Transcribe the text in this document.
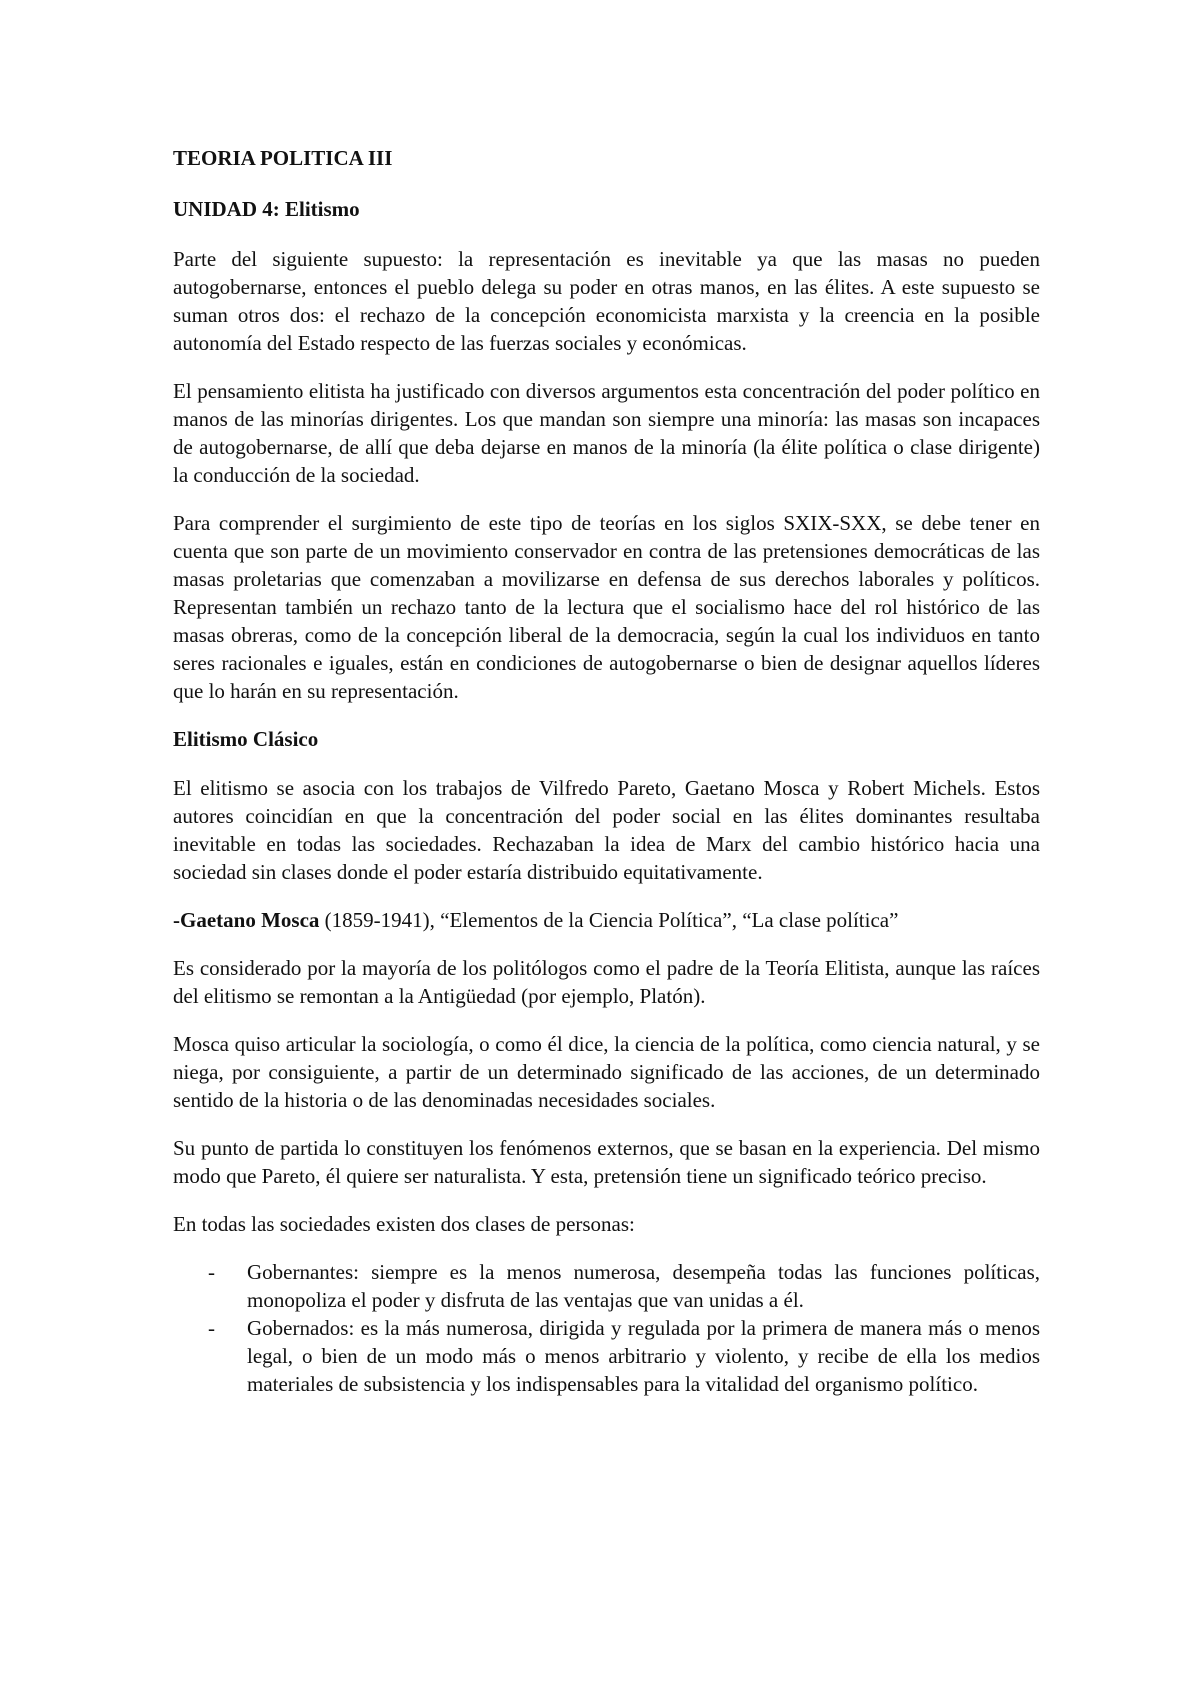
TEORIA POLITICA III
UNIDAD 4: Elitismo

Parte del siguiente supuesto: la representación es inevitable ya que las masas no pueden autogobernarse, entonces el pueblo delega su poder en otras manos, en las élites. A este supuesto se suman otros dos: el rechazo de la concepción economicista marxista y la creencia en la posible autonomía del Estado respecto de las fuerzas sociales y económicas.

El pensamiento elitista ha justificado con diversos argumentos esta concentración del poder político en manos de las minorías dirigentes. Los que mandan son siempre una minoría: las masas son incapaces de autogobernarse, de allí que deba dejarse en manos de la minoría (la élite política o clase dirigente) la conducción de la sociedad.

Para comprender el surgimiento de este tipo de teorías en los siglos SXIX-SXX, se debe tener en cuenta que son parte de un movimiento conservador en contra de las pretensiones democráticas de las masas proletarias que comenzaban a movilizarse en defensa de sus derechos laborales y políticos. Representan también un rechazo tanto de la lectura que el socialismo hace del rol histórico de las masas obreras, como de la concepción liberal de la democracia, según la cual los individuos en tanto seres racionales e iguales, están en condiciones de autogobernarse o bien de designar aquellos líderes que lo harán en su representación.

Elitismo Clásico

El elitismo se asocia con los trabajos de Vilfredo Pareto, Gaetano Mosca y Robert Michels. Estos autores coincidían en que la concentración del poder social en las élites dominantes resultaba inevitable en todas las sociedades. Rechazaban la idea de Marx del cambio histórico hacia una sociedad sin clases donde el poder estaría distribuido equitativamente.

-Gaetano Mosca (1859-1941), “Elementos de la Ciencia Política”, “La clase política”

Es considerado por la mayoría de los politólogos como el padre de la Teoría Elitista, aunque las raíces del elitismo se remontan a la Antigüedad (por ejemplo, Platón).

Mosca quiso articular la sociología, o como él dice, la ciencia de la política, como ciencia natural, y se niega, por consiguiente, a partir de un determinado significado de las acciones, de un determinado sentido de la historia o de las denominadas necesidades sociales.

Su punto de partida lo constituyen los fenómenos externos, que se basan en la experiencia. Del mismo modo que Pareto, él quiere ser naturalista. Y esta, pretensión tiene un significado teórico preciso.

En todas las sociedades existen dos clases de personas:

- Gobernantes: siempre es la menos numerosa, desempeña todas las funciones políticas, monopoliza el poder y disfruta de las ventajas que van unidas a él.
- Gobernados: es la más numerosa, dirigida y regulada por la primera de manera más o menos legal, o bien de un modo más o menos arbitrario y violento, y recibe de ella los medios materiales de subsistencia y los indispensables para la vitalidad del organismo político.
